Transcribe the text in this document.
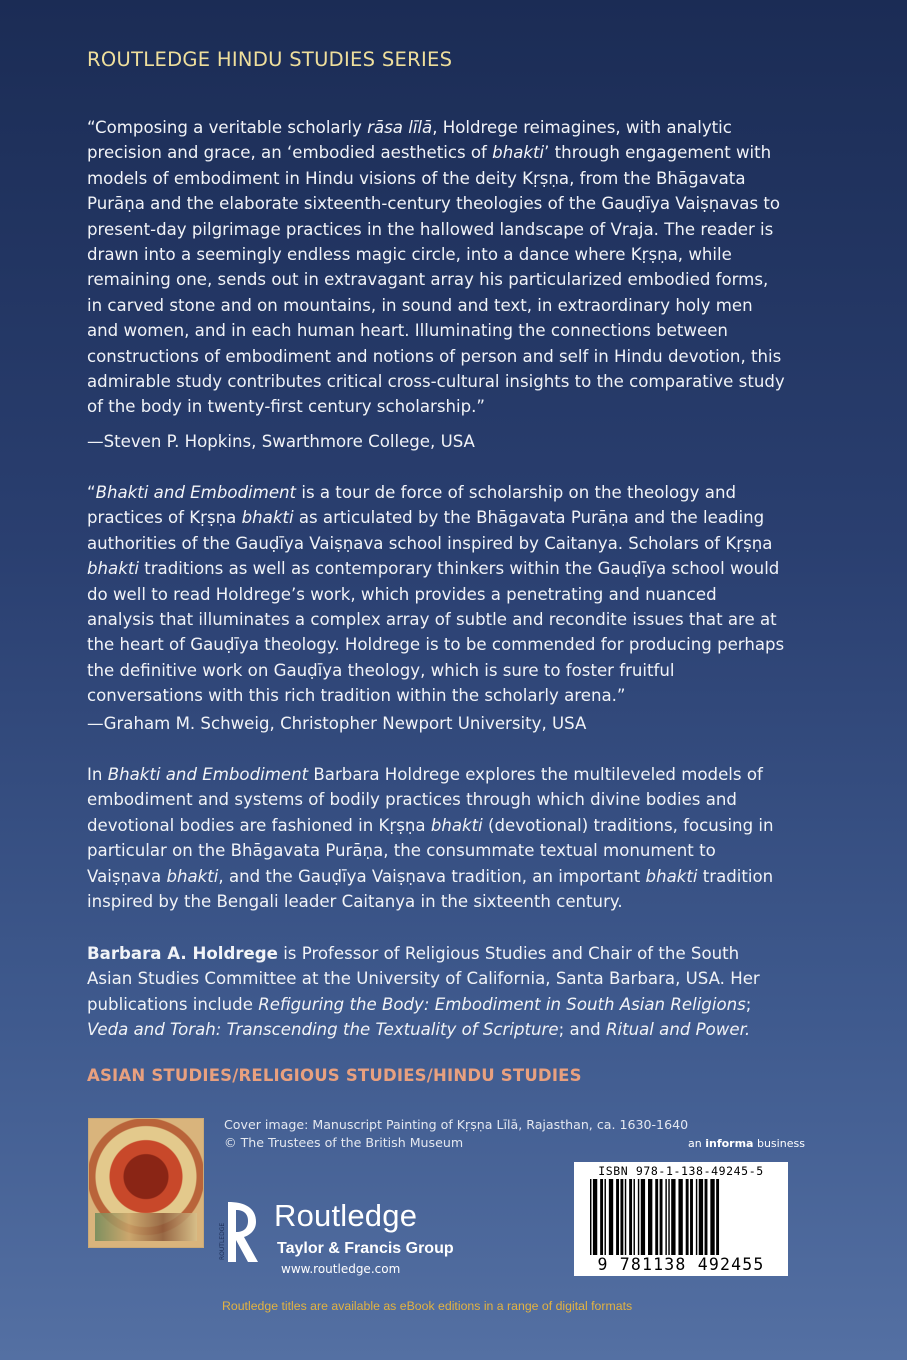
ROUTLEDGE HINDU STUDIES SERIES

“Composing a veritable scholarly rāsa līlā, Holdrege reimagines, with analytic precision and grace, an ‘embodied aesthetics of bhakti’ through engagement with models of embodiment in Hindu visions of the deity Kṛṣṇa, from the Bhāgavata Purāṇa and the elaborate sixteenth-century theologies of the Gauḍīya Vaiṣṇavas to present-day pilgrimage practices in the hallowed landscape of Vraja. The reader is drawn into a seemingly endless magic circle, into a dance where Kṛṣṇa, while remaining one, sends out in extravagant array his particularized embodied forms, in carved stone and on mountains, in sound and text, in extraordinary holy men and women, and in each human heart. Illuminating the connections between constructions of embodiment and notions of person and self in Hindu devotion, this admirable study contributes critical cross-cultural insights to the comparative study of the body in twenty-first century scholarship.”

—Steven P. Hopkins, Swarthmore College, USA

“Bhakti and Embodiment is a tour de force of scholarship on the theology and practices of Kṛṣṇa bhakti as articulated by the Bhāgavata Purāṇa and the leading authorities of the Gauḍīya Vaiṣṇava school inspired by Caitanya. Scholars of Kṛṣṇa bhakti traditions as well as contemporary thinkers within the Gauḍīya school would do well to read Holdrege’s work, which provides a penetrating and nuanced analysis that illuminates a complex array of subtle and recondite issues that are at the heart of Gauḍīya theology. Holdrege is to be commended for producing perhaps the definitive work on Gauḍīya theology, which is sure to foster fruitful conversations with this rich tradition within the scholarly arena.”

—Graham M. Schweig, Christopher Newport University, USA

In Bhakti and Embodiment Barbara Holdrege explores the multileveled models of embodiment and systems of bodily practices through which divine bodies and devotional bodies are fashioned in Kṛṣṇa bhakti (devotional) traditions, focusing in particular on the Bhāgavata Purāṇa, the consummate textual monument to Vaiṣṇava bhakti, and the Gauḍīya Vaiṣṇava tradition, an important bhakti tradition inspired by the Bengali leader Caitanya in the sixteenth century.

Barbara A. Holdrege is Professor of Religious Studies and Chair of the South Asian Studies Committee at the University of California, Santa Barbara, USA. Her publications include Refiguring the Body: Embodiment in South Asian Religions; Veda and Torah: Transcending the Textuality of Scripture; and Ritual and Power.

ASIAN STUDIES/RELIGIOUS STUDIES/HINDU STUDIES
Cover image: Manuscript Painting of Kṛṣṇa Līlā, Rajasthan, ca. 1630-1640
© The Trustees of the British Museum	an informa business
ISBN 978-1-138-49245-5
9 781138 492455
ROUTLEDGE
Routledge
Taylor & Francis Group
www.routledge.com
Routledge titles are available as eBook editions in a range of digital formats
